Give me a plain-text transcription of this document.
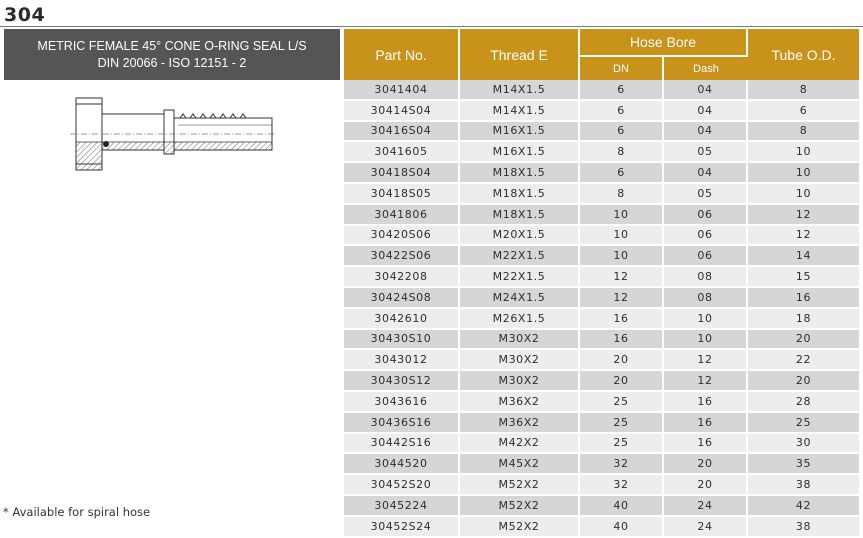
304
METRIC FEMALE 45° CONE O-RING SEAL L/S
DIN 20066 - ISO 12151 - 2
* Available for spiral hose
Part No.	Thread E	Hose Bore		Tube O.D.
		DN	Dash	
3041404	M14X1.5	6	04	8
30414S04	M14X1.5	6	04	6
30416S04	M16X1.5	6	04	8
3041605	M16X1.5	8	05	10
30418S04	M18X1.5	6	04	10
30418S05	M18X1.5	8	05	10
3041806	M18X1.5	10	06	12
30420S06	M20X1.5	10	06	12
30422S06	M22X1.5	10	06	14
3042208	M22X1.5	12	08	15
30424S08	M24X1.5	12	08	16
3042610	M26X1.5	16	10	18
30430S10	M30X2	16	10	20
3043012	M30X2	20	12	22
30430S12	M30X2	20	12	20
3043616	M36X2	25	16	28
30436S16	M36X2	25	16	25
30442S16	M42X2	25	16	30
3044520	M45X2	32	20	35
30452S20	M52X2	32	20	38
3045224	M52X2	40	24	42
30452S24	M52X2	40	24	38
